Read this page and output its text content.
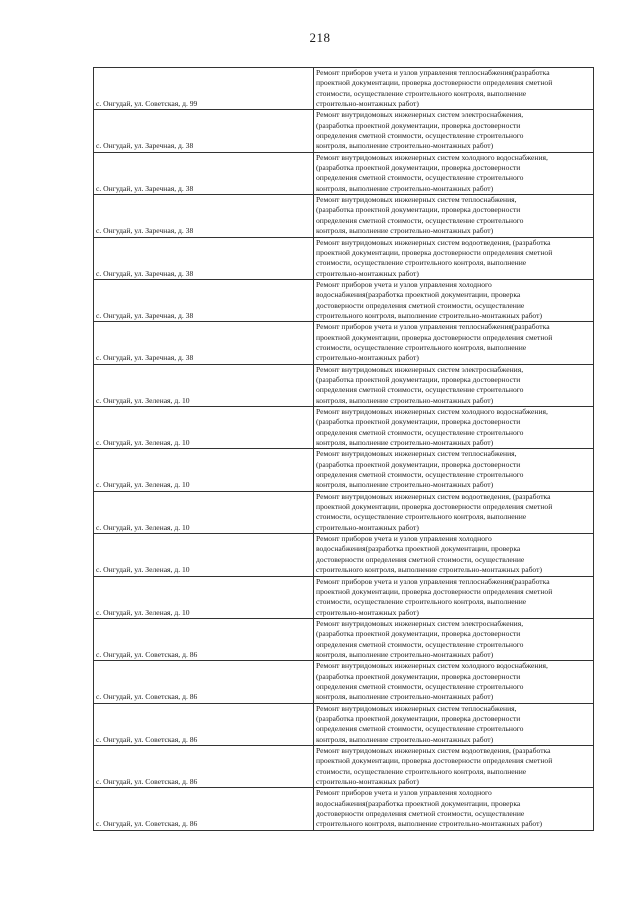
218
с. Онгудай, ул. Советская, д. 99	Ремонт приборов учета и узлов управления теплоснабжения(разработка
проектной документации, проверка достоверности определения сметной
стоимости, осуществление строительного контроля, выполнение
строительно-монтажных работ)
с. Онгудай, ул. Заречная, д. 38	Ремонт внутридомовых инженерных систем электроснабжения,
(разработка проектной документации, проверка достоверности
определения сметной стоимости, осуществление строительного
контроля, выполнение строительно-монтажных работ)
с. Онгудай, ул. Заречная, д. 38	Ремонт внутридомовых инженерных систем холодного водоснабжения,
(разработка проектной документации, проверка достоверности
определения сметной стоимости, осуществление строительного
контроля, выполнение строительно-монтажных работ)
с. Онгудай, ул. Заречная, д. 38	Ремонт внутридомовых инженерных систем теплоснабжения,
(разработка проектной документации, проверка достоверности
определения сметной стоимости, осуществление строительного
контроля, выполнение строительно-монтажных работ)
с. Онгудай, ул. Заречная, д. 38	Ремонт внутридомовых инженерных систем водоотведения, (разработка
проектной документации, проверка достоверности определения сметной
стоимости, осуществление строительного контроля, выполнение
строительно-монтажных работ)
с. Онгудай, ул. Заречная, д. 38	Ремонт приборов учета и узлов управления холодного
водоснабжения(разработка проектной документации, проверка
достоверности определения сметной стоимости, осуществление
строительного контроля, выполнение строительно-монтажных работ)
с. Онгудай, ул. Заречная, д. 38	Ремонт приборов учета и узлов управления теплоснабжения(разработка
проектной документации, проверка достоверности определения сметной
стоимости, осуществление строительного контроля, выполнение
строительно-монтажных работ)
с. Онгудай, ул. Зеленая, д. 10	Ремонт внутридомовых инженерных систем электроснабжения,
(разработка проектной документации, проверка достоверности
определения сметной стоимости, осуществление строительного
контроля, выполнение строительно-монтажных работ)
с. Онгудай, ул. Зеленая, д. 10	Ремонт внутридомовых инженерных систем холодного водоснабжения,
(разработка проектной документации, проверка достоверности
определения сметной стоимости, осуществление строительного
контроля, выполнение строительно-монтажных работ)
с. Онгудай, ул. Зеленая, д. 10	Ремонт внутридомовых инженерных систем теплоснабжения,
(разработка проектной документации, проверка достоверности
определения сметной стоимости, осуществление строительного
контроля, выполнение строительно-монтажных работ)
с. Онгудай, ул. Зеленая, д. 10	Ремонт внутридомовых инженерных систем водоотведения, (разработка
проектной документации, проверка достоверности определения сметной
стоимости, осуществление строительного контроля, выполнение
строительно-монтажных работ)
с. Онгудай, ул. Зеленая, д. 10	Ремонт приборов учета и узлов управления холодного
водоснабжения(разработка проектной документации, проверка
достоверности определения сметной стоимости, осуществление
строительного контроля, выполнение строительно-монтажных работ)
с. Онгудай, ул. Зеленая, д. 10	Ремонт приборов учета и узлов управления теплоснабжения(разработка
проектной документации, проверка достоверности определения сметной
стоимости, осуществление строительного контроля, выполнение
строительно-монтажных работ)
с. Онгудай, ул. Советская, д. 86	Ремонт внутридомовых инженерных систем электроснабжения,
(разработка проектной документации, проверка достоверности
определения сметной стоимости, осуществление строительного
контроля, выполнение строительно-монтажных работ)
с. Онгудай, ул. Советская, д. 86	Ремонт внутридомовых инженерных систем холодного водоснабжения,
(разработка проектной документации, проверка достоверности
определения сметной стоимости, осуществление строительного
контроля, выполнение строительно-монтажных работ)
с. Онгудай, ул. Советская, д. 86	Ремонт внутридомовых инженерных систем теплоснабжения,
(разработка проектной документации, проверка достоверности
определения сметной стоимости, осуществление строительного
контроля, выполнение строительно-монтажных работ)
с. Онгудай, ул. Советская, д. 86	Ремонт внутридомовых инженерных систем водоотведения, (разработка
проектной документации, проверка достоверности определения сметной
стоимости, осуществление строительного контроля, выполнение
строительно-монтажных работ)
с. Онгудай, ул. Советская, д. 86	Ремонт приборов учета и узлов управления холодного
водоснабжения(разработка проектной документации, проверка
достоверности определения сметной стоимости, осуществление
строительного контроля, выполнение строительно-монтажных работ)
